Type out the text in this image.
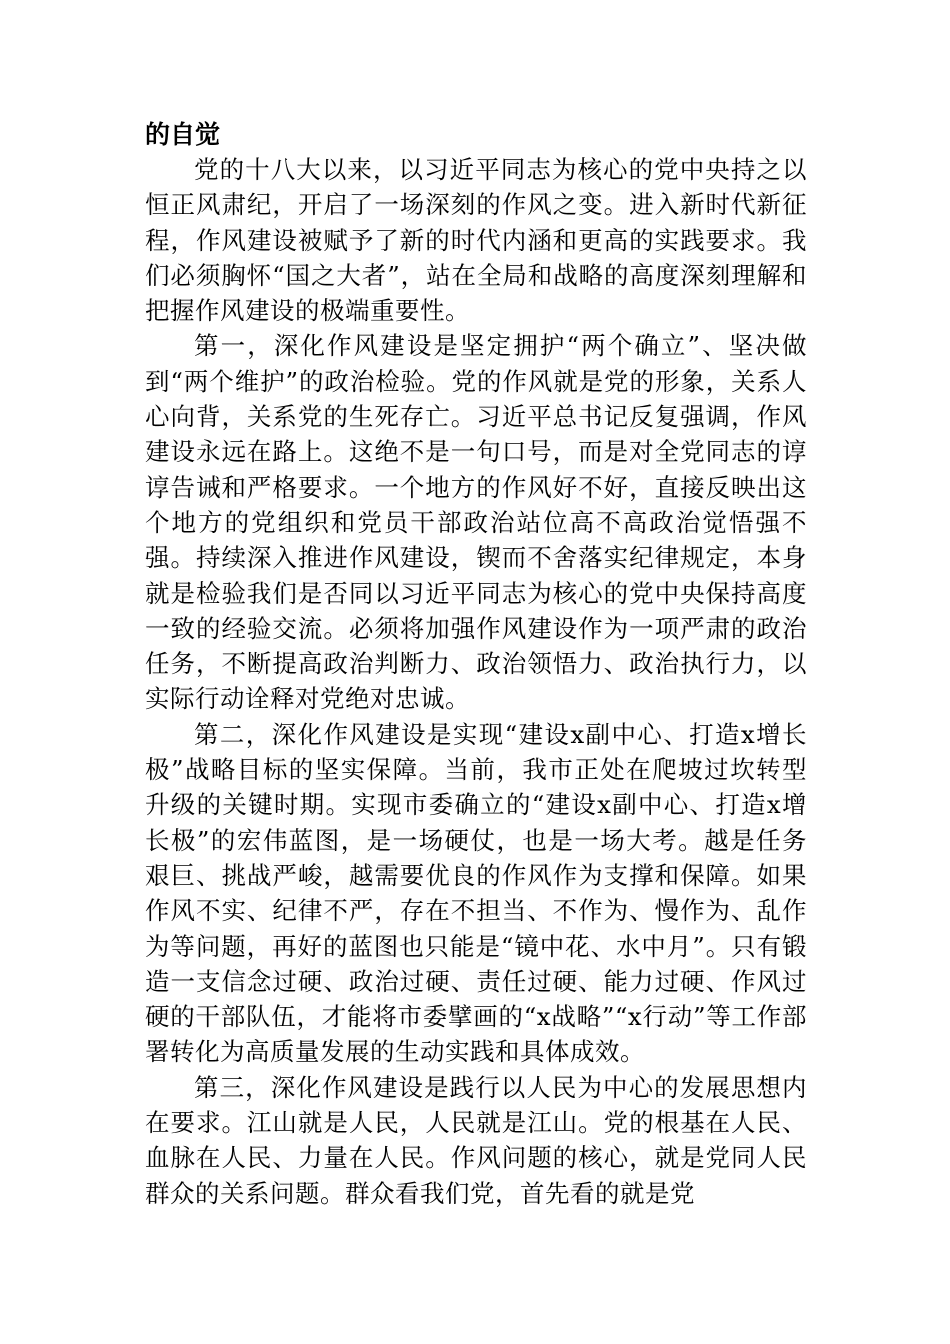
的自觉

党的十八大以来，以习近平同志为核心的党中央持之以恒正风肃纪，开启了一场深刻的作风之变。进入新时代新征程，作风建设被赋予了新的时代内涵和更高的实践要求。我们必须胸怀“国之大者”，站在全局和战略的高度深刻理解和把握作风建设的极端重要性。

第一，深化作风建设是坚定拥护“两个确立”、坚决做到“两个维护”的政治检验。党的作风就是党的形象，关系人心向背，关系党的生死存亡。习近平总书记反复强调，作风建设永远在路上。这绝不是一句口号，而是对全党同志的谆谆告诫和严格要求。一个地方的作风好不好，直接反映出这个地方的党组织和党员干部政治站位高不高政治觉悟强不强。持续深入推进作风建设，锲而不舍落实纪律规定，本身就是检验我们是否同以习近平同志为核心的党中央保持高度一致的经验交流。必须将加强作风建设作为一项严肃的政治任务，不断提高政治判断力、政治领悟力、政治执行力，以实际行动诠释对党绝对忠诚。

第二，深化作风建设是实现“建设x副中心、打造x增长极”战略目标的坚实保障。当前，我市正处在爬坡过坎转型升级的关键时期。实现市委确立的“建设x副中心、打造x增长极”的宏伟蓝图，是一场硬仗，也是一场大考。越是任务艰巨、挑战严峻，越需要优良的作风作为支撑和保障。如果作风不实、纪律不严，存在不担当、不作为、慢作为、乱作为等问题，再好的蓝图也只能是“镜中花、水中月”。只有锻造一支信念过硬、政治过硬、责任过硬、能力过硬、作风过硬的干部队伍，才能将市委擘画的“x战略”“x行动”等工作部署转化为高质量发展的生动实践和具体成效。

第三，深化作风建设是践行以人民为中心的发展思想内在要求。江山就是人民，人民就是江山。党的根基在人民、血脉在人民、力量在人民。作风问题的核心，就是党同人民群众的关系问题。群众看我们党，首先看的就是党
